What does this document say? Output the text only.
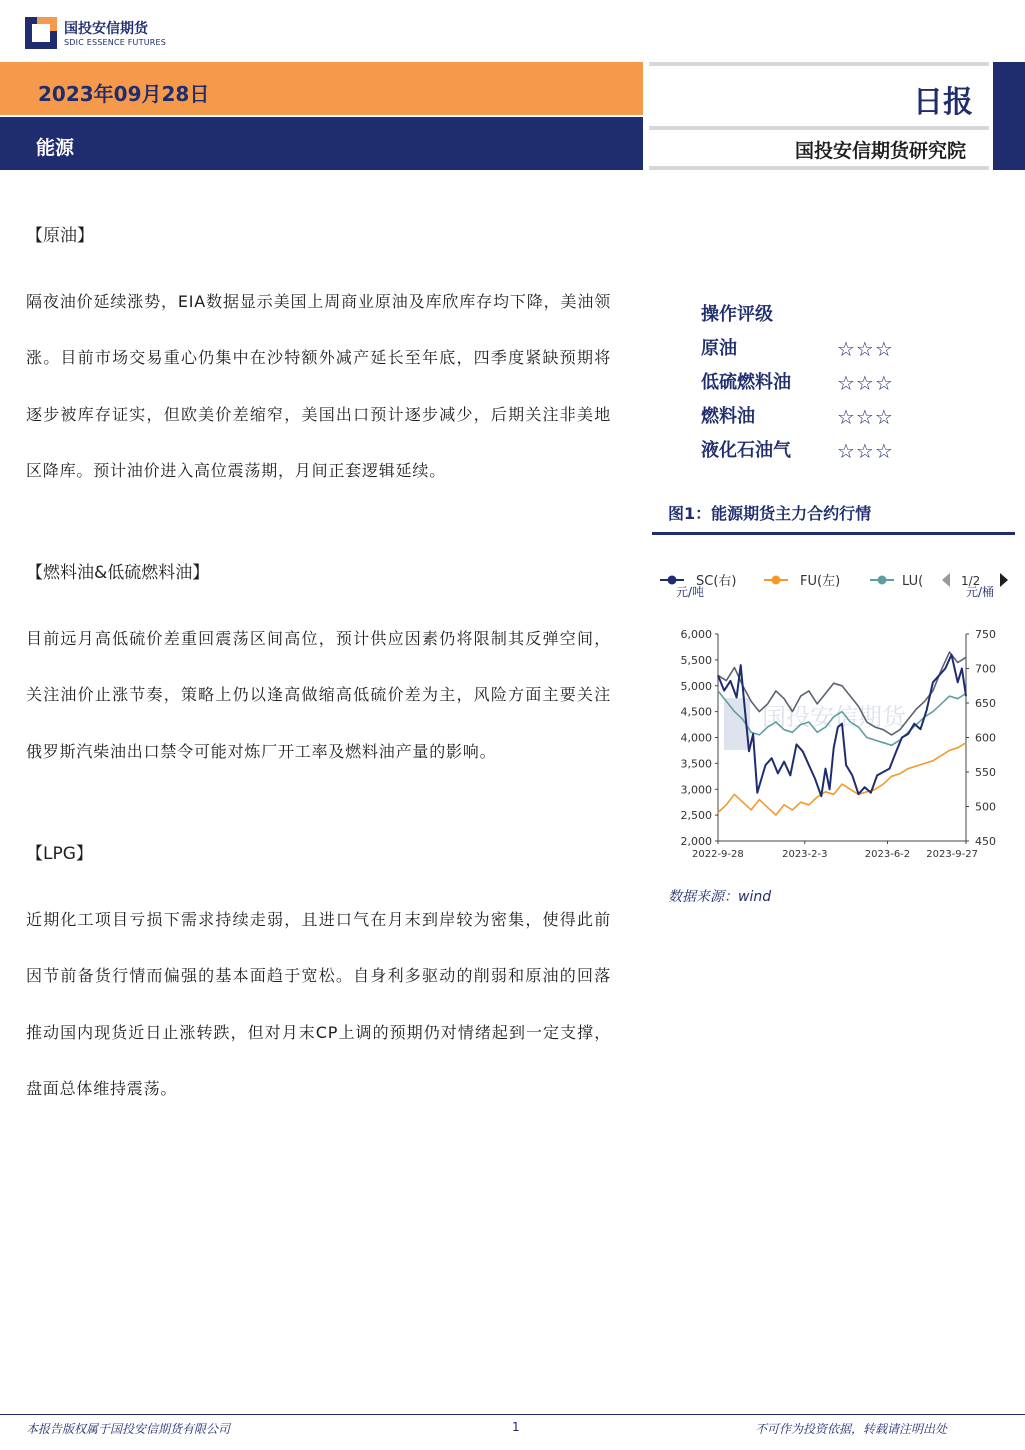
国投安信期货
SDIC ESSENCE FUTURES
2023年09月28日
能源
日报
国投安信期货研究院
【原油】

隔夜油价延续涨势，EIA数据显示美国上周商业原油及库欣库存均下降，美油领涨。目前市场交易重心仍集中在沙特额外减产延长至年底，四季度紧缺预期将逐步被库存证实，但欧美价差缩窄，美国出口预计逐步减少，后期关注非美地区降库。预计油价进入高位震荡期，月间正套逻辑延续。

【燃料油&低硫燃料油】

目前远月高低硫价差重回震荡区间高位，预计供应因素仍将限制其反弹空间，关注油价止涨节奏，策略上仍以逢高做缩高低硫价差为主，风险方面主要关注俄罗斯汽柴油出口禁令可能对炼厂开工率及燃料油产量的影响。

【LPG】

近期化工项目亏损下需求持续走弱，且进口气在月末到岸较为密集，使得此前因节前备货行情而偏强的基本面趋于宽松。自身利多驱动的削弱和原油的回落推动国内现货近日止涨转跌，但对月末CP上调的预期仍对情绪起到一定支撑，盘面总体维持震荡。

操作评级
原油	☆☆☆
低硫燃料油 ☆☆☆
燃料油	☆☆☆
液化石油气 ☆☆☆
图1：能源期货主力合约行情
SC(右)	FU(左)	LU(	1/2
元/吨	元/桶
国投安信期货
6,000
5,500
5,000
4,500
4,000
3,500
3,000
2,500
2,000
750
700
650
600
550
500
450
2022-9-28	2023-2-3	2023-6-2 2023-9-27
数据来源：wind
本报告版权属于国投安信期货有限公司	1	不可作为投资依据，转载请注明出处
